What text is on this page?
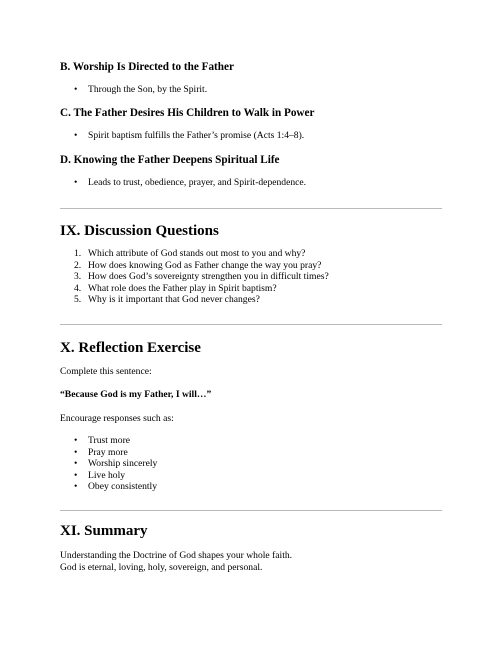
B. Worship Is Directed to the Father
• Through the Son, by the Spirit.
C. The Father Desires His Children to Walk in Power
• Spirit baptism fulfills the Father’s promise (Acts 1:4–8).
D. Knowing the Father Deepens Spiritual Life
• Leads to trust, obedience, prayer, and Spirit-dependence.
IX. Discussion Questions
1. Which attribute of God stands out most to you and why?
2. How does knowing God as Father change the way you pray?
3. How does God’s sovereignty strengthen you in difficult times?
4. What role does the Father play in Spirit baptism?
5. Why is it important that God never changes?
X. Reflection Exercise

Complete this sentence:

“Because God is my Father, I will…”

Encourage responses such as:

• Trust more
• Pray more
• Worship sincerely
• Live holy
• Obey consistently
XI. Summary

Understanding the Doctrine of God shapes your whole faith.

God is eternal, loving, holy, sovereign, and personal.
